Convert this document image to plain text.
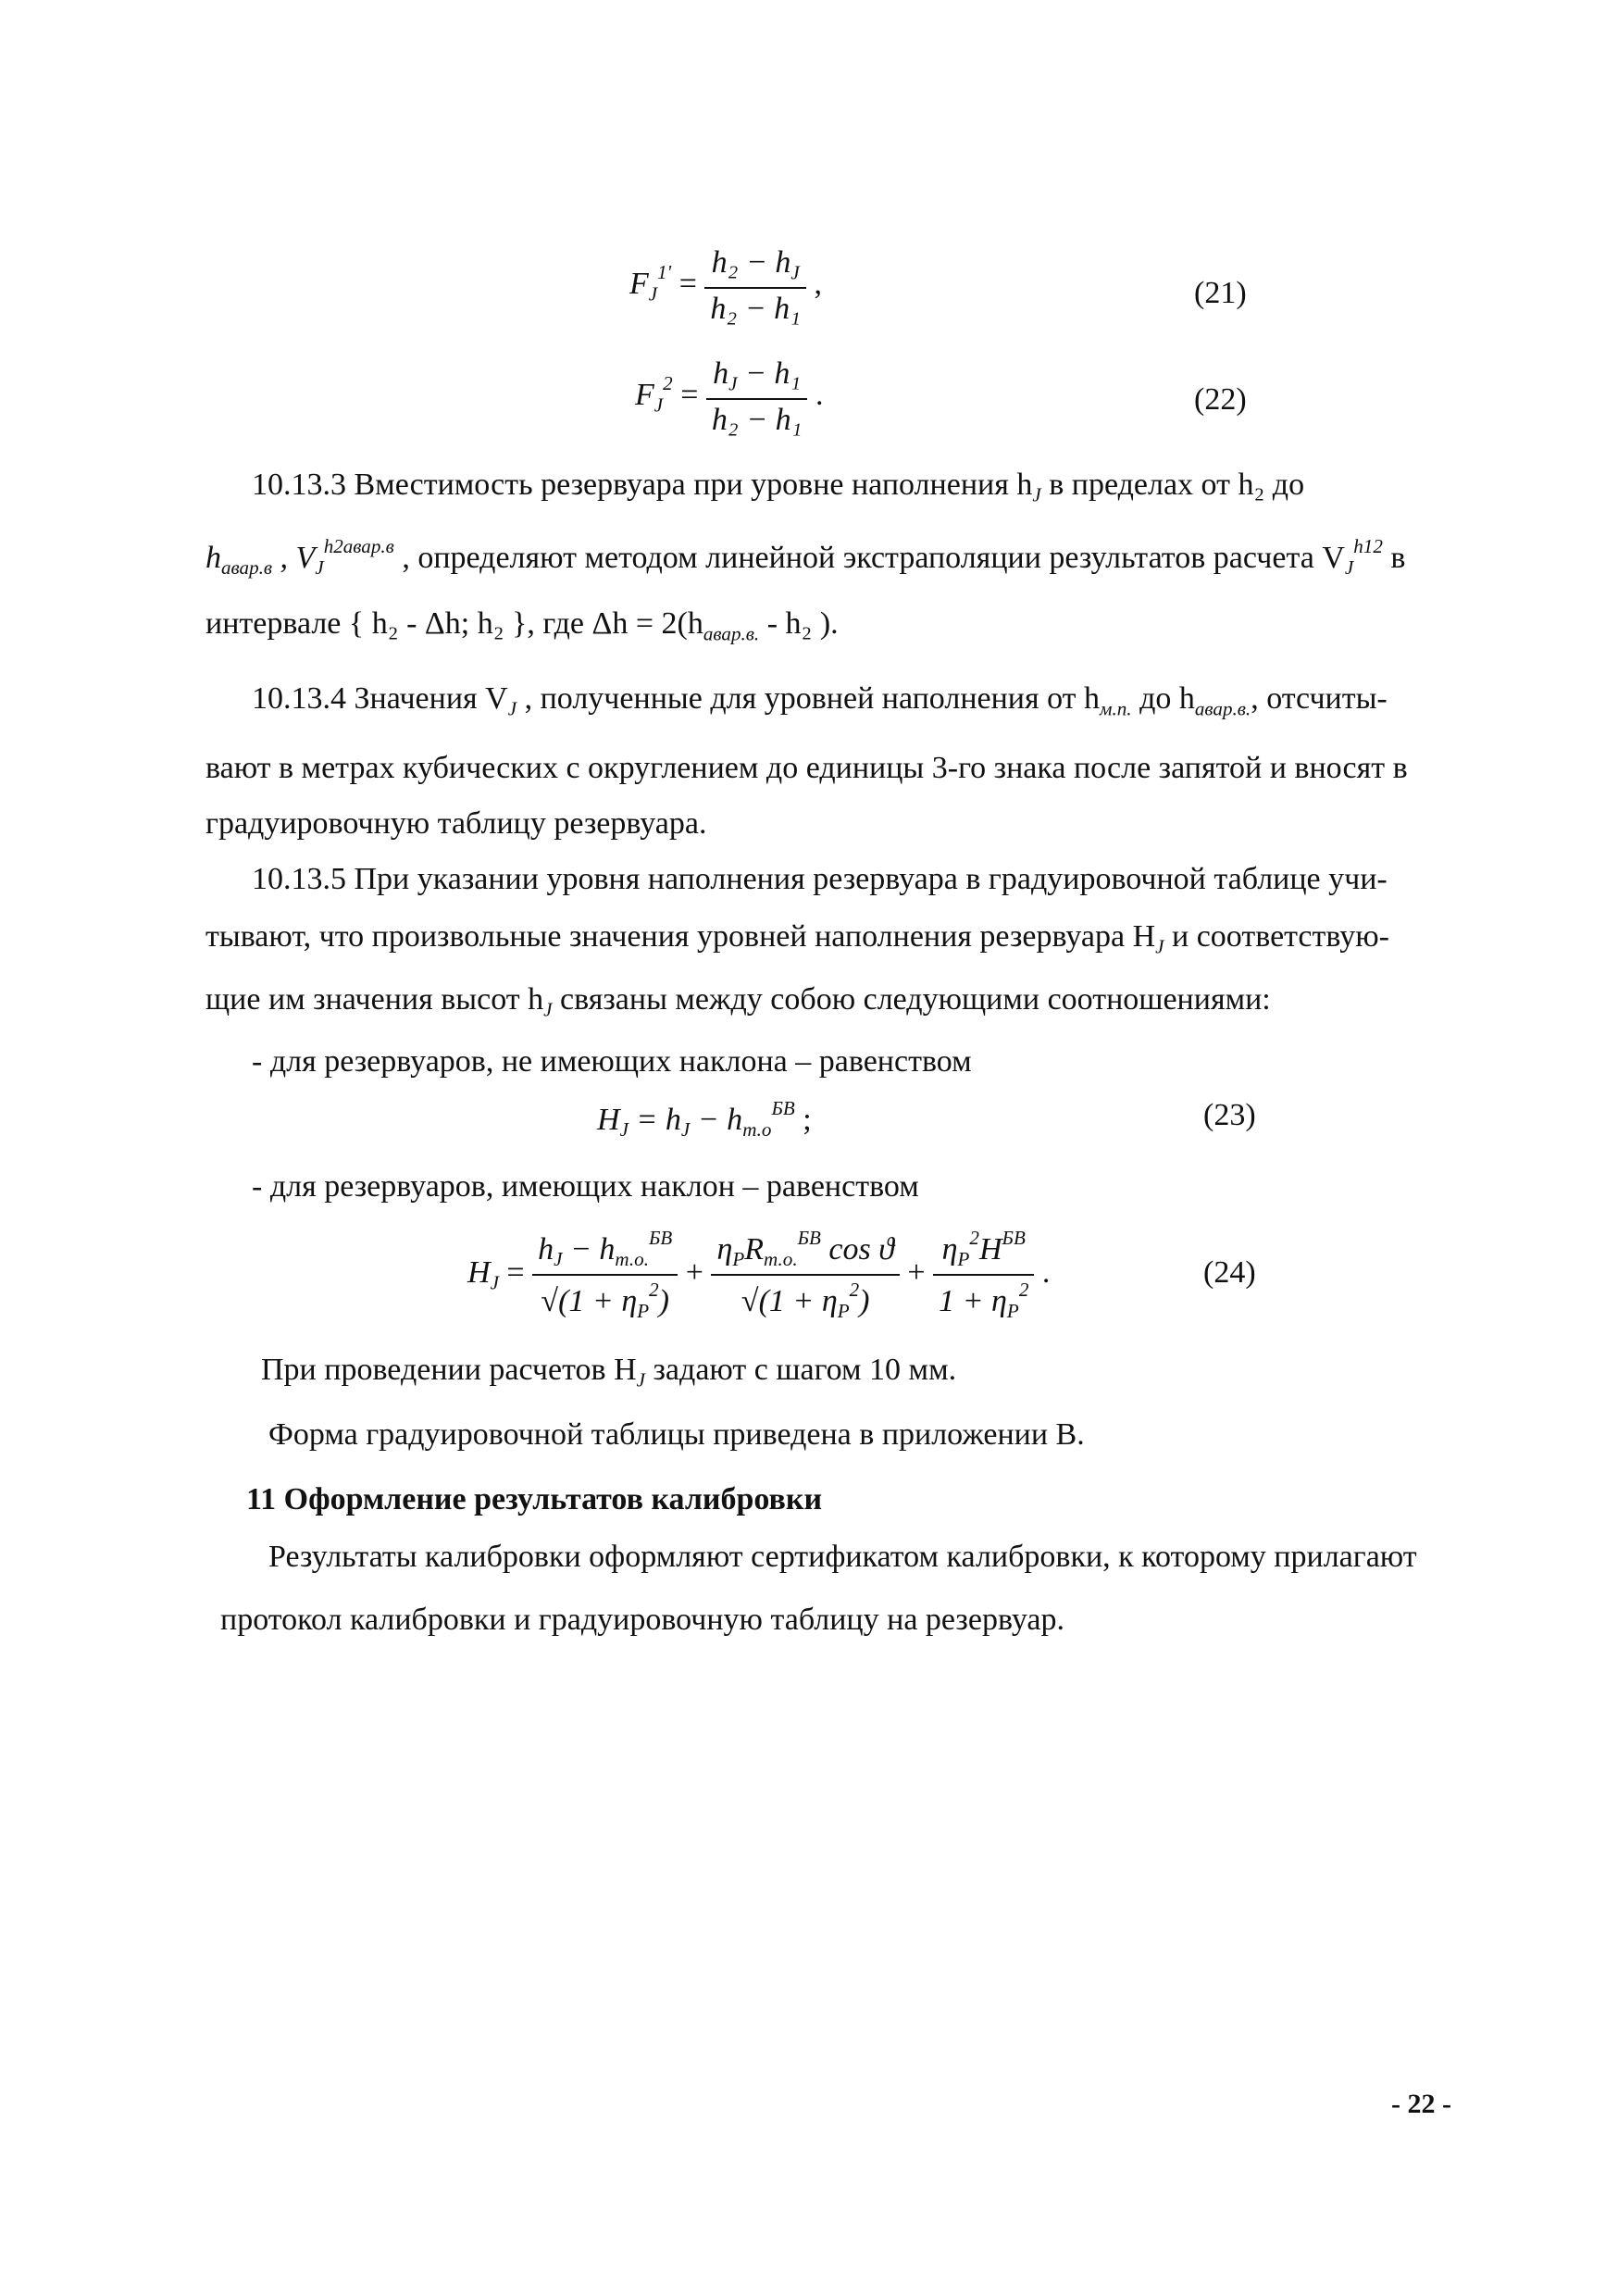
$F_J^{1'} = \frac{h_2 - h_J}{\text{h₂ − h₁}}$ ,	(21)
$F_J^2 = \frac{h_J - h_1}{\text{h₂ − h₁}}$ .	(22)
10.13.3 Вместимость резервуара при уровне наполнения $h_J$ в пределах от h₂ до
$h_{авар.в}$ , $V_J^{h2авар.в}$ , определяют методом линейной экстраполяции результатов расчета $V_J^{h12}$ в
интервале { h₂ - Δh; h₂ }, где $\Delta h = 2(h_{авар.в.} - h_2$ ).
10.13.4 Значения $V_J$ , полученные для уровней наполнения от $h_{м.п.}$ до $h_{авар.в.}$, отсчиты-
вают в метрах кубических с округлением до единицы 3-го знака после запятой и вносят в
градуировочную таблицу резервуара.
10.13.5 При указании уровня наполнения резервуара в градуировочной таблице учи-
тывают, что произвольные значения уровней наполнения резервуара $H_J$ и соответствую-
щие им значения высот $h_J$ связаны между собою следующими соотношениями:
- для резервуаров, не имеющих наклона – равенством
$H_J = h_J - h_{т.о}^{БВ}$ ;	(23)
- для резервуаров, имеющих наклон – равенством
$H_J = \frac{h_J - h_{т.о.}^{БВ}}{√(1 + \eta_P^2)} + \frac{\eta_PR_{т.о.}^{БВ} \cos ϑ}{√(1 + \eta_P^2)} + \frac{\eta_P^2H^{БВ}}{1 + \eta_P^2}$ .	(24)
При проведении расчетов $H_J$ задают с шагом 10 мм.
Форма градуировочной таблицы приведена в приложении В.
11 Оформление результатов калибровки
Результаты калибровки оформляют сертификатом калибровки, к которому прилагают
протокол калибровки и градуировочную таблицу на резервуар.
- 22 -
